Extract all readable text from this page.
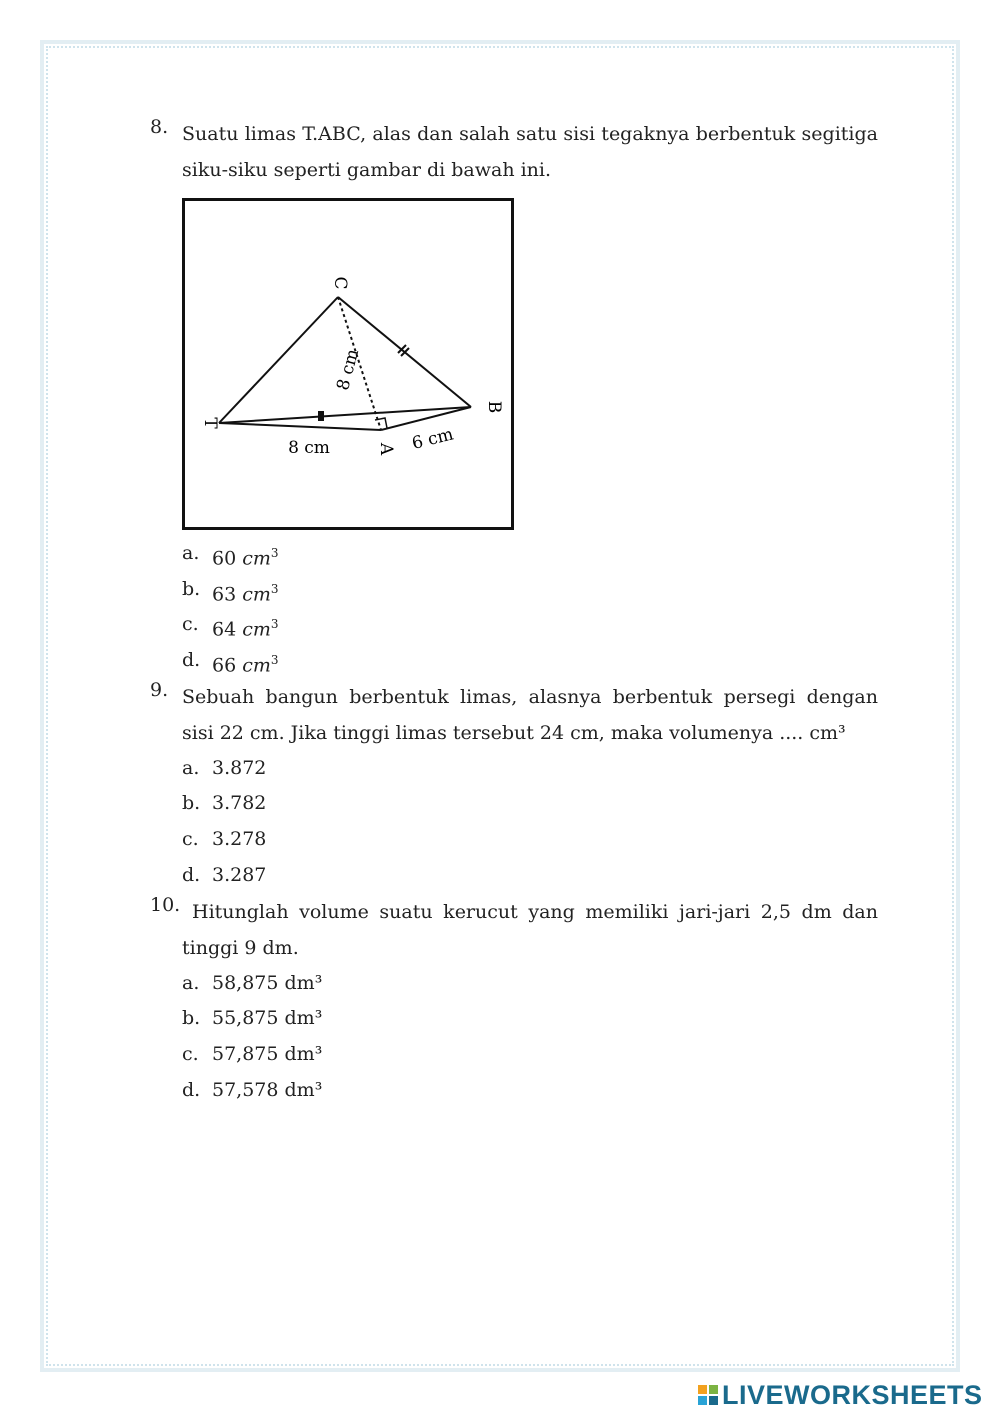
8. Suatu limas T.ABC, alas dan salah satu sisi tegaknya berbentuk segitiga siku-siku seperti gambar di bawah ini.
C
T
A
B
8 cm
8 cm	6 cm
a. 60 $cm^3$
b. 63 $cm^3$
c. 64 $cm^3$
d. 66 $cm^3$
9. Sebuah bangun berbentuk limas, alasnya berbentuk persegi dengan sisi 22 cm. Jika tinggi limas tersebut 24 cm, maka volumenya .... cm³
a. 3.872
b. 3.782
c. 3.278
d. 3.287
10. Hitunglah volume suatu kerucut yang memiliki jari-jari 2,5 dm dan tinggi 9 dm.
a. 58,875 dm³
b. 55,875 dm³
c. 57,875 dm³
d. 57,578 dm³
LIVEWORKSHEETS
